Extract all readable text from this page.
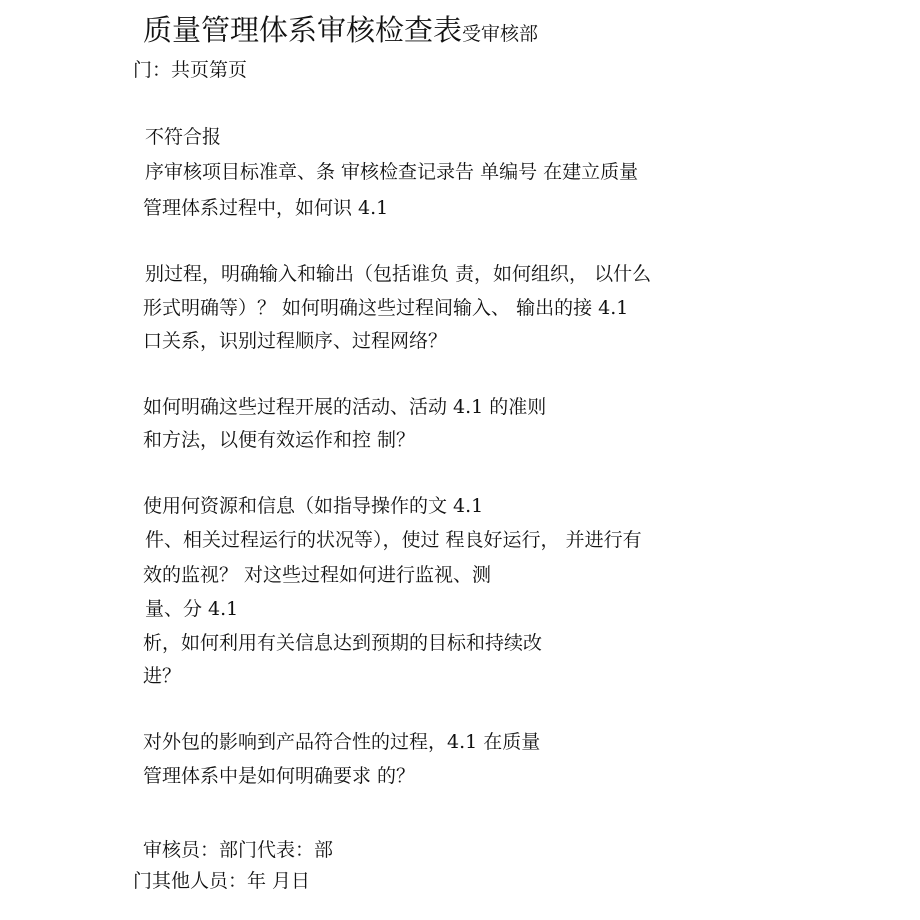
质量管理体系审核检查表受审核部
门：共页第页
不符合报
序审核项目标准章、条 审核检查记录告 单编号 在建立质量
管理体系过程中，如何识 4.1
别过程，明确输入和输出（包括谁负 责，如何组织， 以什么
形式明确等）？ 如何明确这些过程间输入、 输出的接 4.1
口关系，识别过程顺序、过程网络？
如何明确这些过程开展的活动、活动 4.1 的准则
和方法，以便有效运作和控 制？
使用何资源和信息（如指导操作的文 4.1
件、相关过程运行的状况等），使过 程良好运行， 并进行有
效的监视？ 对这些过程如何进行监视、测
量、分 4.1
析，如何利用有关信息达到预期的目标和持续改
进？
对外包的影响到产品符合性的过程，4.1 在质量
管理体系中是如何明确要求 的？
审核员：部门代表：部
门其他人员：年 月日
